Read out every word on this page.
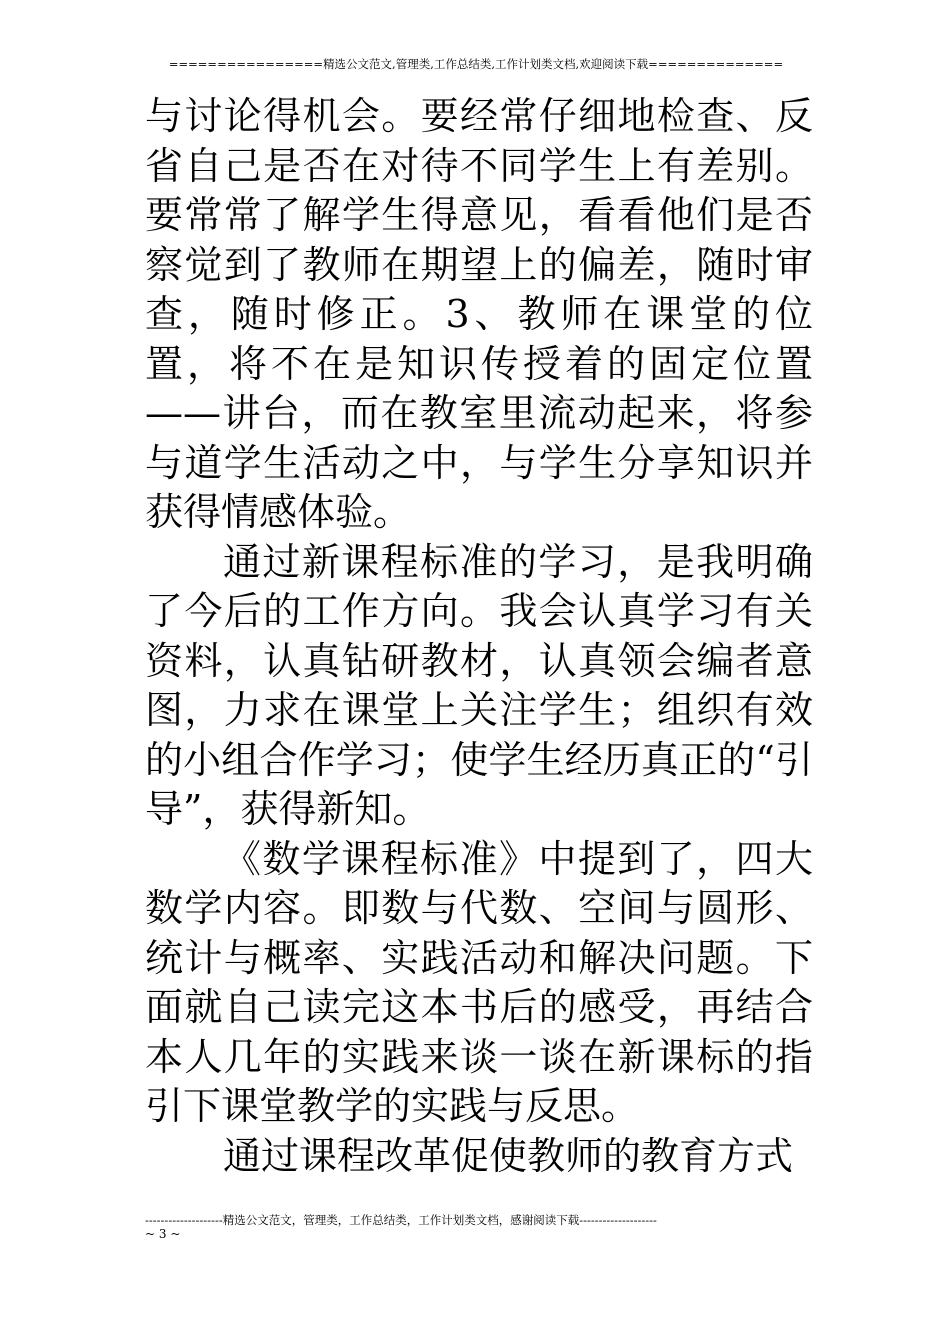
================精选公文范文,管理类,工作总结类,工作计划类文档,欢迎阅读下载==============

与讨论得机会。要经常仔细地检查、反省自己是否在对待不同学生上有差别。要常常了解学生得意见，看看他们是否察觉到了教师在期望上的偏差，随时审查，随时修正。3、教师在课堂的位置，将不在是知识传授着的固定位置 ——讲台，而在教室里流动起来，将参与道学生活动之中，与学生分享知识并获得情感体验。

通过新课程标准的学习，是我明确了今后的工作方向。我会认真学习有关资料，认真钻研教材，认真领会编者意图，力求在课堂上关注学生；组织有效的小组合作学习；使学生经历真正的“引导”，获得新知。

《数学课程标准》中提到了，四大数学内容。即数与代数、空间与圆形、统计与概率、实践活动和解决问题。下面就自己读完这本书后的感受，再结合本人几年的实践来谈一谈在新课标的指引下课堂教学的实践与反思。

通过课程改革促使教师的教育方式

--------------------精选公文范文，管理类，工作总结类，工作计划类文档，感谢阅读下载--------------------
~ 3 ~
